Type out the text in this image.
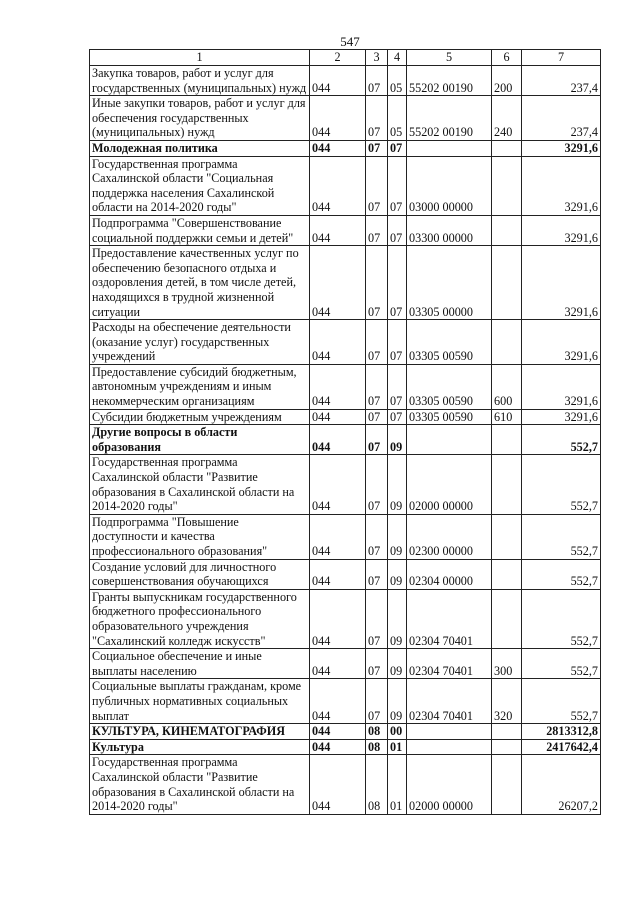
547
1	2	3	4	5	6	7
Закупка товаров, работ и услуг для государственных (муниципальных) нужд	044	07	05	55202 00190	200	237,4
Иные закупки товаров, работ и услуг для обеспечения государственных (муниципальных) нужд	044	07	05	55202 00190	240	237,4
Молодежная политика	044	07	07			3291,6
Государственная программа Сахалинской области "Социальная поддержка населения Сахалинской области на 2014-2020 годы"	044	07	07	03000 00000		3291,6
Подпрограмма "Совершенствование социальной поддержки семьи и детей"	044	07	07	03300 00000		3291,6
Предоставление качественных услуг по обеспечению безопасного отдыха и оздоровления детей, в том числе детей, находящихся в трудной жизненной ситуации	044	07	07	03305 00000		3291,6
Расходы на обеспечение деятельности (оказание услуг) государственных учреждений	044	07	07	03305 00590		3291,6
Предоставление субсидий бюджетным, автономным учреждениям и иным некоммерческим организациям	044	07	07	03305 00590	600	3291,6
Субсидии бюджетным учреждениям	044	07	07	03305 00590	610	3291,6
Другие вопросы в области образования	044	07	09			552,7
Государственная программа Сахалинской области "Развитие образования в Сахалинской области на 2014-2020 годы"	044	07	09	02000 00000		552,7
Подпрограмма "Повышение доступности и качества профессионального образования"	044	07	09	02300 00000		552,7
Создание условий для личностного совершенствования обучающихся	044	07	09	02304 00000		552,7
Гранты выпускникам государственного бюджетного профессионального образовательного учреждения "Сахалинский колледж искусств"	044	07	09	02304 70401		552,7
Социальное обеспечение и иные выплаты населению	044	07	09	02304 70401	300	552,7
Социальные выплаты гражданам, кроме публичных нормативных социальных выплат	044	07	09	02304 70401	320	552,7
КУЛЬТУРА, КИНЕМАТОГРАФИЯ	044	08	00			2813312,8
Культура	044	08	01			2417642,4
Государственная программа Сахалинской области "Развитие образования в Сахалинской области на 2014-2020 годы"	044	08	01	02000 00000		26207,2
